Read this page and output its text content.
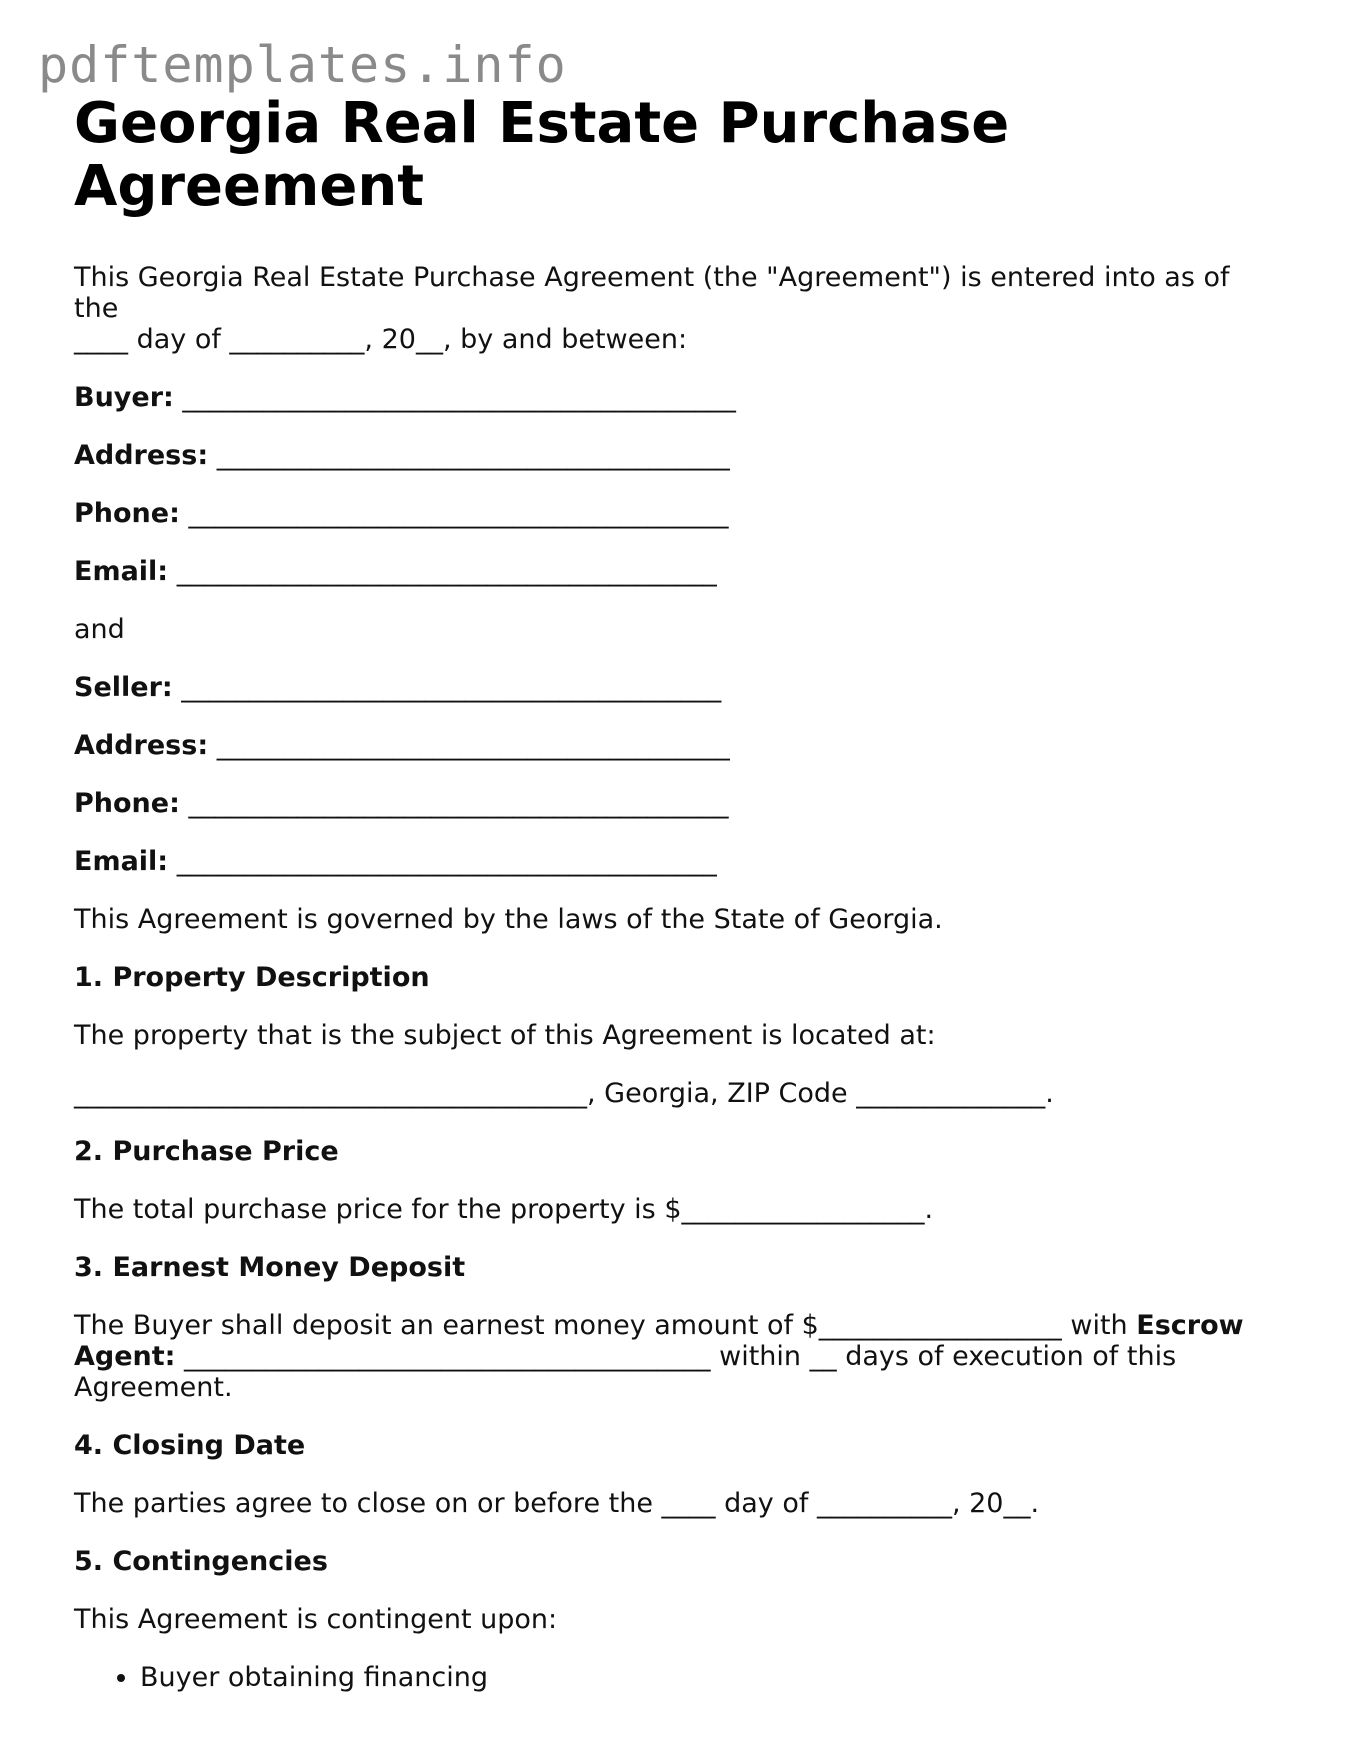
pdftemplates.info
Georgia Real Estate Purchase
Agreement

This Georgia Real Estate Purchase Agreement (the "Agreement") is entered into as of the
____ day of __________, 20__, by and between:

Buyer: _________________________________________

Address: ______________________________________

Phone: ________________________________________

Email: ________________________________________

and

Seller: ________________________________________

Address: ______________________________________

Phone: ________________________________________

Email: ________________________________________

This Agreement is governed by the laws of the State of Georgia.

1. Property Description

The property that is the subject of this Agreement is located at:

______________________________________, Georgia, ZIP Code ______________.

2. Purchase Price

The total purchase price for the property is $__________________.

3. Earnest Money Deposit

The Buyer shall deposit an earnest money amount of $__________________ with Escrow Agent: _______________________________________ within __ days of execution of this Agreement.

4. Closing Date

The parties agree to close on or before the ____ day of __________, 20__.

5. Contingencies

This Agreement is contingent upon:

• Buyer obtaining financing
